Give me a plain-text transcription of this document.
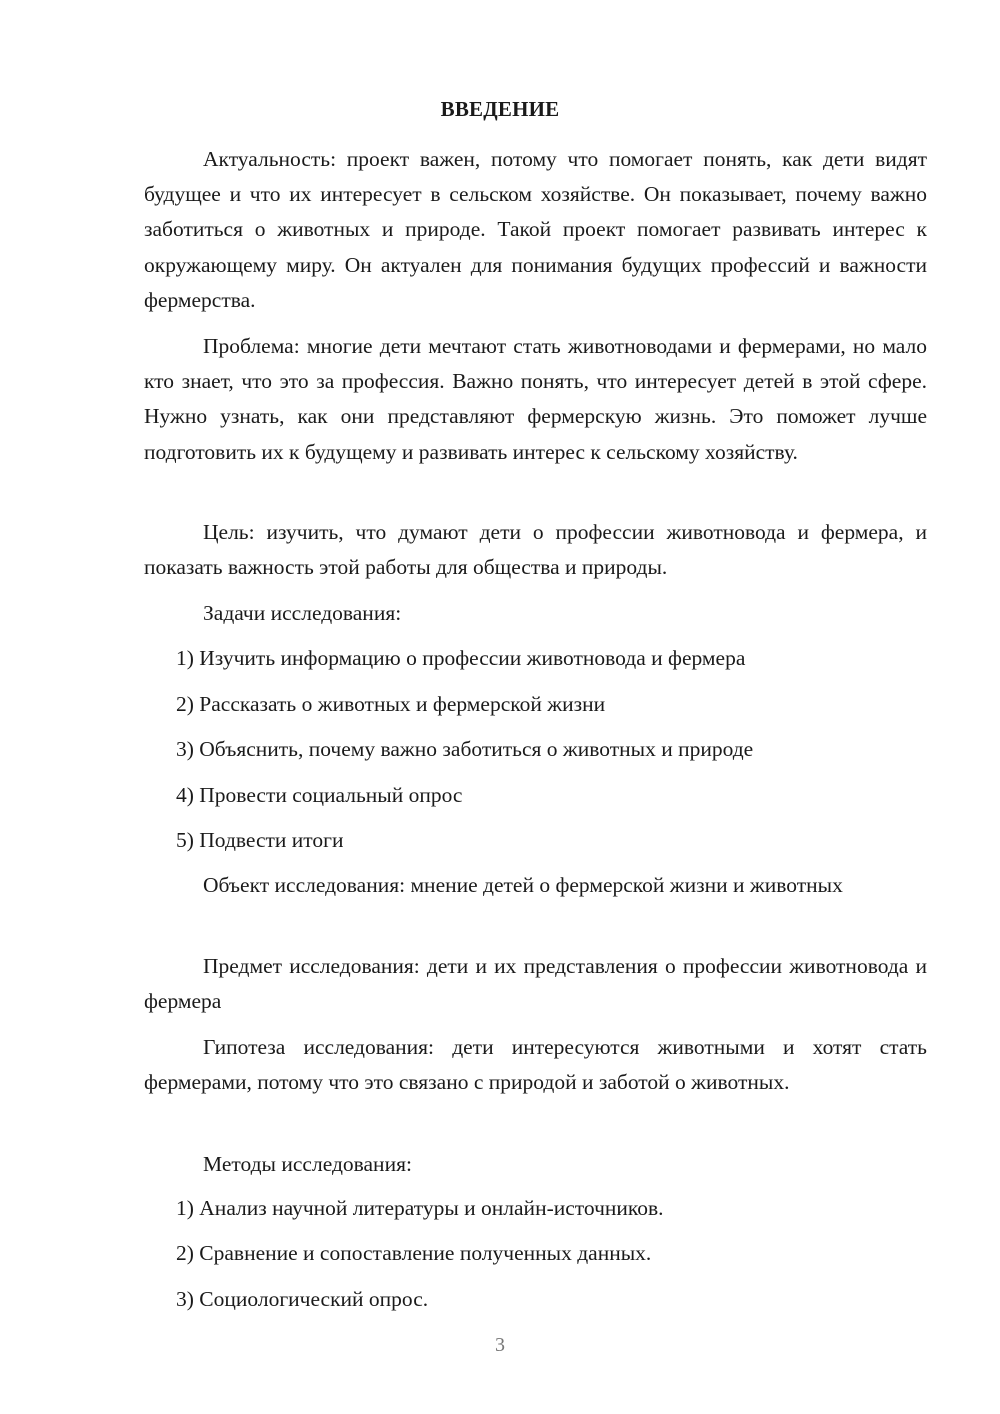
ВВЕДЕНИЕ
Актуальность: проект важен, потому что помогает понять, как дети видят будущее и что их интересует в сельском хозяйстве. Он показывает, почему важно заботиться о животных и природе. Такой проект помогает развивать интерес к окружающему миру. Он актуален для понимания будущих профессий и важности фермерства.
Проблема: многие дети мечтают стать животноводами и фермерами, но мало кто знает, что это за профессия. Важно понять, что интересует детей в этой сфере. Нужно узнать, как они представляют фермерскую жизнь. Это поможет лучше подготовить их к будущему и развивать интерес к сельскому хозяйству.
Цель: изучить, что думают дети о профессии животновода и фермера, и показать важность этой работы для общества и природы.
Задачи исследования:
1) Изучить информацию о профессии животновода и фермера
2) Рассказать о животных и фермерской жизни
3) Объяснить, почему важно заботиться о животных и природе
4) Провести социальный опрос
5) Подвести итоги
Объект исследования: мнение детей о фермерской жизни и животных
Предмет исследования: дети и их представления о профессии животновода и фермера
Гипотеза исследования: дети интересуются животными и хотят стать фермерами, потому что это связано с природой и заботой о животных.
Методы исследования:
1) Анализ научной литературы и онлайн-источников.
2) Сравнение и сопоставление полученных данных.
3) Социологический опрос.
3
